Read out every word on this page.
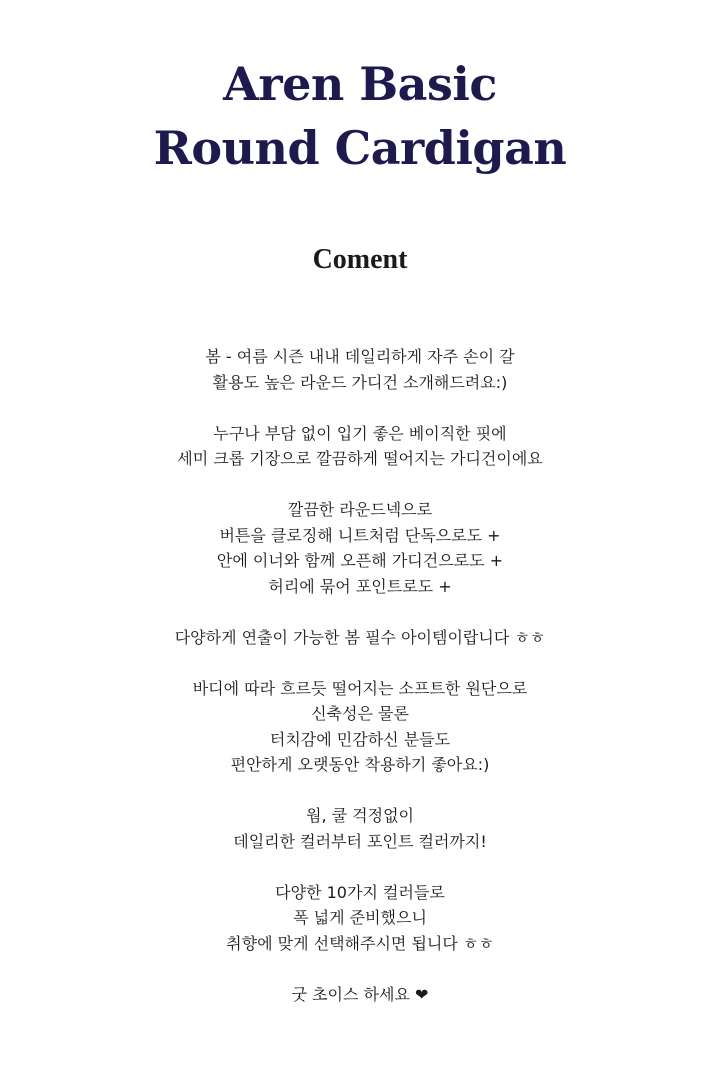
Aren Basic
Round Cardigan
Coment

봄 - 여름 시즌 내내 데일리하게 자주 손이 갈
활용도 높은 라운드 가디건 소개해드려요:)

누구나 부담 없이 입기 좋은 베이직한 핏에
세미 크롭 기장으로 깔끔하게 떨어지는 가디건이에요

깔끔한 라운드넥으로
버튼을 클로징해 니트처럼 단독으로도 +
안에 이너와 함께 오픈해 가디건으로도 +
허리에 묶어 포인트로도 +

다양하게 연출이 가능한 봄 필수 아이템이랍니다 ㅎㅎ

바디에 따라 흐르듯 떨어지는 소프트한 원단으로
신축성은 물론
터치감에 민감하신 분들도
편안하게 오랫동안 착용하기 좋아요:)

웜, 쿨 걱정없이
데일리한 컬러부터 포인트 컬러까지!

다양한 10가지 컬러들로
폭 넓게 준비했으니
취향에 맞게 선택해주시면 됩니다 ㅎㅎ

굿 초이스 하세요 ❤
